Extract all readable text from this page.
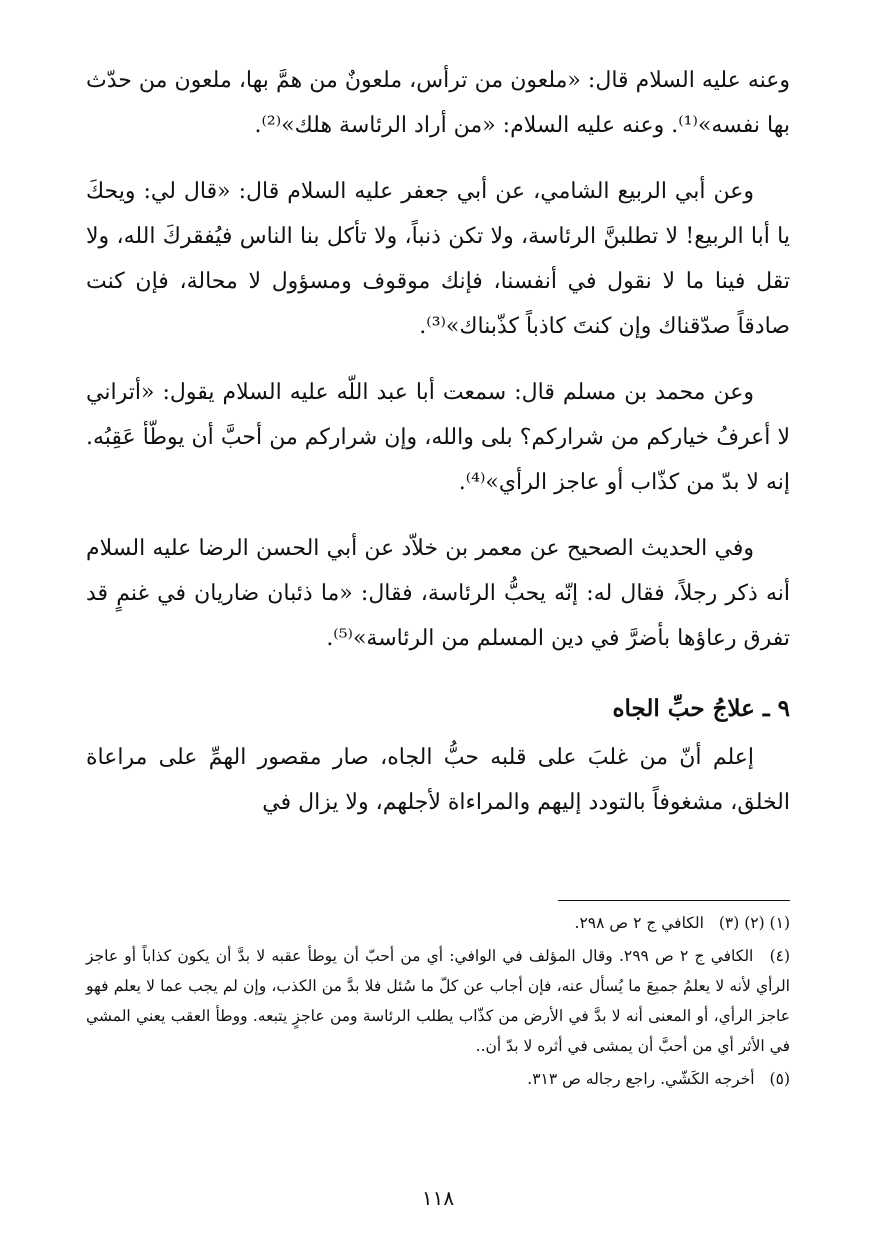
وعنه عليه السلام قال: «ملعون من ترأس، ملعونٌ من همَّ بها، ملعون من حدّث بها نفسه»⁽¹⁾. وعنه عليه السلام: «من أراد الرئاسة هلك»⁽²⁾.

وعن أبي الربيع الشامي، عن أبي جعفر عليه السلام قال: «قال لي: ويحكَ يا أبا الربيع! لا تطلبنَّ الرئاسة، ولا تكن ذنباً، ولا تأكل بنا الناس فيُفقركَ الله، ولا تقل فينا ما لا نقول في أنفسنا، فإنك موقوف ومسؤول لا محالة، فإن كنت صادقاً صدّقناك وإن كنتَ كاذباً كذّبناك»⁽³⁾.

وعن محمد بن مسلم قال: سمعت أبا عبد اللّه عليه السلام يقول: «أتراني لا أعرفُ خياركم من شراركم؟ بلى والله، وإن شراركم من أحبَّ أن يوطّأ عَقِبُه. إنه لا بدّ من كذّاب أو عاجز الرأي»⁽⁴⁾.

وفي الحديث الصحيح عن معمر بن خلاّد عن أبي الحسن الرضا عليه السلام أنه ذكر رجلاً، فقال له: إنّه يحبُّ الرئاسة، فقال: «ما ذئبان ضاريان في غنمٍ قد تفرق رعاؤها بأضرَّ في دين المسلم من الرئاسة»⁽⁵⁾.

٩ ـ علاجُ حبِّ الجاه

إعلم أنّ من غلبَ على قلبه حبُّ الجاه، صار مقصور الهمِّ على مراعاة الخلق، مشغوفاً بالتودد إليهم والمراءاة لأجلهم، ولا يزال في

(١) (٢) (٣) الكافي ج ٢ ص ٢٩٨.

(٤) الكافي ج ٢ ص ٢٩٩. وقال المؤلف في الوافي: أي من أحبّ أن يوطأ عقبه لا بدَّ أن يكون كذاباً أو عاجز الرأي لأنه لا يعلمُ جميعَ ما يُسأل عنه، فإن أجاب عن كلّ ما سُئل فلا بدَّ من الكذب، وإن لم يجب عما لا يعلم فهو عاجز الرأي، أو المعنى أنه لا بدَّ في الأرض من كذّاب يطلب الرئاسة ومن عاجزٍ يتبعه. ووطأ العقب يعني المشي في الأثر أي من أحبَّ أن يمشى في أثره لا بدّ أن..

(٥) أخرجه الكَشّي. راجع رجاله ص ٣١٣.

١١٨
